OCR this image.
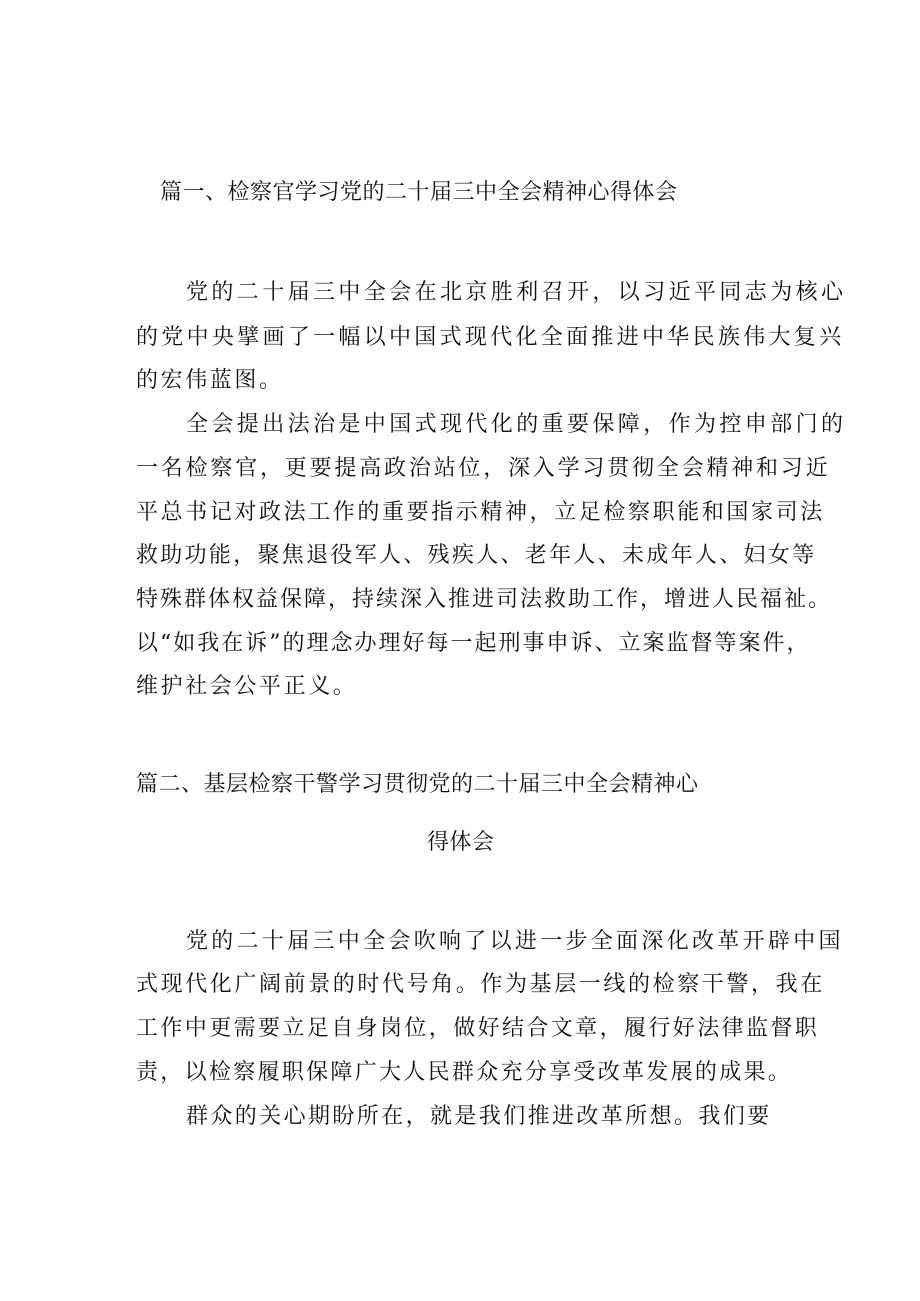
篇一、检察官学习党的二十届三中全会精神心得体会

党的二十届三中全会在北京胜利召开，以习近平同志为核心

的党中央擘画了一幅以中国式现代化全面推进中华民族伟大复兴

的宏伟蓝图。

全会提出法治是中国式现代化的重要保障，作为控申部门的

一名检察官，更要提高政治站位，深入学习贯彻全会精神和习近

平总书记对政法工作的重要指示精神，立足检察职能和国家司法

救助功能，聚焦退役军人、残疾人、老年人、未成年人、妇女等

特殊群体权益保障，持续深入推进司法救助工作，增进人民福祉。

以“如我在诉”的理念办理好每一起刑事申诉、立案监督等案件，

维护社会公平正义。

篇二、基层检察干警学习贯彻党的二十届三中全会精神心
得体会

党的二十届三中全会吹响了以进一步全面深化改革开辟中国

式现代化广阔前景的时代号角。作为基层一线的检察干警，我在

工作中更需要立足自身岗位，做好结合文章，履行好法律监督职

责，以检察履职保障广大人民群众充分享受改革发展的成果。

群众的关心期盼所在，就是我们推进改革所想。我们要
